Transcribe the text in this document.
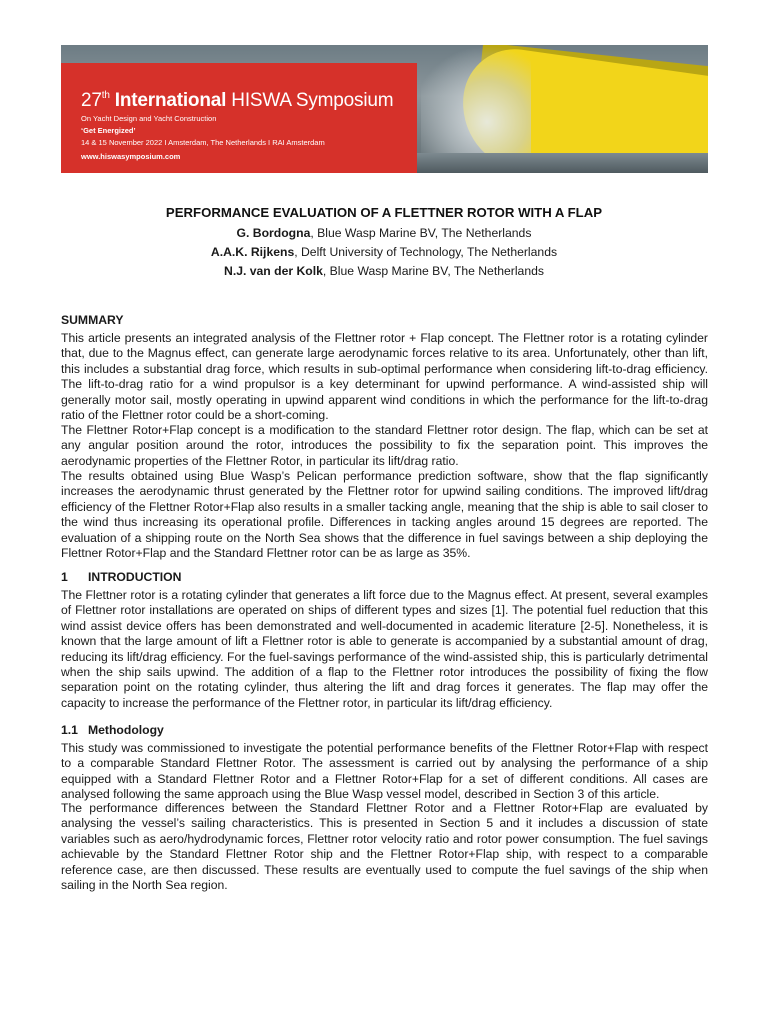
27th International HISWA Symposium
On Yacht Design and Yacht Construction
‘Get Energized’
14 & 15 November 2022 I Amsterdam, The Netherlands I RAI Amsterdam
www.hiswasymposium.com
PERFORMANCE EVALUATION OF A FLETTNER ROTOR WITH A FLAP
G. Bordogna, Blue Wasp Marine BV, The Netherlands
A.A.K. Rijkens, Delft University of Technology, The Netherlands
N.J. van der Kolk, Blue Wasp Marine BV, The Netherlands
SUMMARY

This article presents an integrated analysis of the Flettner rotor + Flap concept. The Flettner rotor is a rotating cylinder that, due to the Magnus effect, can generate large aerodynamic forces relative to its area. Unfortunately, other than lift, this includes a substantial drag force, which results in sub-optimal performance when considering lift-to-drag efficiency. The lift-to-drag ratio for a wind propulsor is a key determinant for upwind performance. A wind-assisted ship will generally motor sail, mostly operating in upwind apparent wind conditions in which the performance for the lift-to-drag ratio of the Flettner rotor could be a short-coming.

The Flettner Rotor+Flap concept is a modification to the standard Flettner rotor design. The flap, which can be set at any angular position around the rotor, introduces the possibility to fix the separation point. This improves the aerodynamic properties of the Flettner Rotor, in particular its lift/drag ratio.

The results obtained using Blue Wasp’s Pelican performance prediction software, show that the flap significantly increases the aerodynamic thrust generated by the Flettner rotor for upwind sailing conditions. The improved lift/drag efficiency of the Flettner Rotor+Flap also results in a smaller tacking angle, meaning that the ship is able to sail closer to the wind thus increasing its operational profile. Differences in tacking angles around 15 degrees are reported. The evaluation of a shipping route on the North Sea shows that the difference in fuel savings between a ship deploying the Flettner Rotor+Flap and the Standard Flettner rotor can be as large as 35%.

1 INTRODUCTION

The Flettner rotor is a rotating cylinder that generates a lift force due to the Magnus effect. At present, several examples of Flettner rotor installations are operated on ships of different types and sizes [1]. The potential fuel reduction that this wind assist device offers has been demonstrated and well-documented in academic literature [2-5]. Nonetheless, it is known that the large amount of lift a Flettner rotor is able to generate is accompanied by a substantial amount of drag, reducing its lift/drag efficiency. For the fuel-savings performance of the wind-assisted ship, this is particularly detrimental when the ship sails upwind. The addition of a flap to the Flettner rotor introduces the possibility of fixing the flow separation point on the rotating cylinder, thus altering the lift and drag forces it generates. The flap may offer the capacity to increase the performance of the Flettner rotor, in particular its lift/drag efficiency.

1.1 Methodology

This study was commissioned to investigate the potential performance benefits of the Flettner Rotor+Flap with respect to a comparable Standard Flettner Rotor. The assessment is carried out by analysing the performance of a ship equipped with a Standard Flettner Rotor and a Flettner Rotor+Flap for a set of different conditions. All cases are analysed following the same approach using the Blue Wasp vessel model, described in Section 3 of this article.

The performance differences between the Standard Flettner Rotor and a Flettner Rotor+Flap are evaluated by analysing the vessel’s sailing characteristics. This is presented in Section 5 and it includes a discussion of state variables such as aero/hydrodynamic forces, Flettner rotor velocity ratio and rotor power consumption. The fuel savings achievable by the Standard Flettner Rotor ship and the Flettner Rotor+Flap ship, with respect to a comparable reference case, are then discussed. These results are eventually used to compute the fuel savings of the ship when sailing in the North Sea region.
